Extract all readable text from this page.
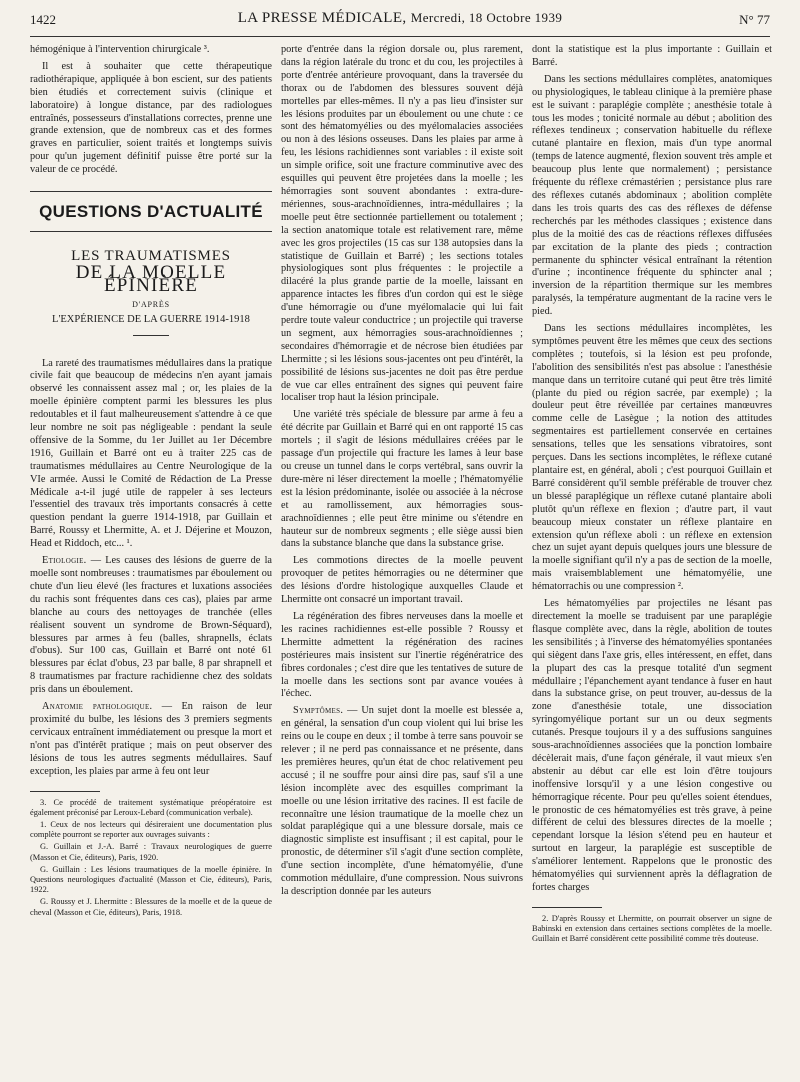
1422	LA PRESSE MÉDICALE, Mercredi, 18 Octobre 1939	N° 77

hémogénique à l'intervention chirurgicale ³.

Il est à souhaiter que cette thérapeutique radiothérapique, appliquée à bon escient, sur des patients bien étudiés et correctement suivis (clinique et laboratoire) à longue distance, par des radiologues entraînés, possesseurs d'installations correctes, prenne une grande extension, que de nombreux cas et des formes graves en particulier, soient traités et longtemps suivis pour qu'un jugement définitif puisse être porté sur la valeur de ce procédé.

QUESTIONS D'ACTUALITÉ
LES TRAUMATISMES
DE LA MOELLE ÉPINIÈRE
D'APRÈS
L'EXPÉRIENCE DE LA GUERRE 1914-1918

La rareté des traumatismes médullaires dans la pratique civile fait que beaucoup de médecins n'en ayant jamais observé les connaissent assez mal ; or, les plaies de la moelle épinière comptent parmi les blessures les plus redoutables et il faut malheureusement s'attendre à ce que leur nombre ne soit pas négligeable : pendant la seule offensive de la Somme, du 1er Juillet au 1er Décembre 1916, Guillain et Barré ont eu à traiter 225 cas de traumatismes médullaires au Centre Neurologique de la VIe armée. Aussi le Comité de Rédaction de La Presse Médicale a-t-il jugé utile de rappeler à ses lecteurs l'essentiel des travaux très importants consacrés à cette question pendant la guerre 1914-1918, par Guillain et Barré, Roussy et Lhermitte, A. et J. Déjerine et Mouzon, Head et Riddoch, etc... ¹.

Etiologie. — Les causes des lésions de guerre de la moelle sont nombreuses : traumatismes par éboulement ou chute d'un lieu élevé (les fractures et luxations associées du rachis sont fréquentes dans ces cas), plaies par arme blanche au cours des nettoyages de tranchée (elles réalisent souvent un syndrome de Brown-Séquard), blessures par armes à feu (balles, shrapnells, éclats d'obus). Sur 100 cas, Guillain et Barré ont noté 61 blessures par éclat d'obus, 23 par balle, 8 par shrapnell et 8 traumatismes par fracture rachidienne chez des soldats pris dans un éboulement.

Anatomie pathologique. — En raison de leur proximité du bulbe, les lésions des 3 premiers segments cervicaux entraînent immédiatement ou presque la mort et n'ont pas d'intérêt pratique ; mais on peut observer des lésions de tous les autres segments médullaires. Sauf exception, les plaies par arme à feu ont leur

3. Ce procédé de traitement systématique préopératoire est également préconisé par Leroux-Lebard (communication verbale).

1. Ceux de nos lecteurs qui désireraient une documentation plus complète pourront se reporter aux ouvrages suivants :

G. Guillain et J.-A. Barré : Travaux neurologiques de guerre (Masson et Cie, éditeurs), Paris, 1920.

G. Guillain : Les lésions traumatiques de la moelle épinière. In Questions neurologiques d'actualité (Masson et Cie, éditeurs), Paris, 1922.

G. Roussy et J. Lhermitte : Blessures de la moelle et de la queue de cheval (Masson et Cie, éditeurs), Paris, 1918.

porte d'entrée dans la région dorsale ou, plus rarement, dans la région latérale du tronc et du cou, les projectiles à porte d'entrée antérieure provoquant, dans la traversée du thorax ou de l'abdomen des blessures souvent déjà mortelles par elles-mêmes. Il n'y a pas lieu d'insister sur les lésions produites par un éboulement ou une chute : ce sont des hématomyélies ou des myélomalacies associées ou non à des lésions osseuses. Dans les plaies par arme à feu, les lésions rachidiennes sont variables : il existe soit un simple orifice, soit une fracture comminutive avec des esquilles qui peuvent être projetées dans la moelle ; les hémorragies sont souvent abondantes : extra-dure-mériennes, sous-arachnoïdiennes, intra-médullaires ; la moelle peut être sectionnée partiellement ou totalement ; la section anatomique totale est relativement rare, même avec les gros projectiles (15 cas sur 138 autopsies dans la statistique de Guillain et Barré) ; les sections totales physiologiques sont plus fréquentes : le projectile a dilacéré la plus grande partie de la moelle, laissant en apparence intactes les fibres d'un cordon qui est le siège d'une hémorragie ou d'une myélomalacie qui lui fait perdre toute valeur conductrice ; un projectile qui traverse un segment, aux hémorragies sous-arachnoïdiennes ; secondaires d'hémorragie et de nécrose bien étudiées par Lhermitte ; si les lésions sous-jacentes ont peu d'intérêt, la possibilité de lésions sus-jacentes ne doit pas être perdue de vue car elles entraînent des signes qui peuvent faire localiser trop haut la lésion principale.

Une variété très spéciale de blessure par arme à feu a été décrite par Guillain et Barré qui en ont rapporté 15 cas mortels ; il s'agit de lésions médullaires créées par le passage d'un projectile qui fracture les lames à leur base ou creuse un tunnel dans le corps vertébral, sans ouvrir la dure-mère ni léser directement la moelle ; l'hématomyélie est la lésion prédominante, isolée ou associée à la nécrose et au ramollissement, aux hémorragies sous-arachnoïdiennes ; elle peut être minime ou s'étendre en hauteur sur de nombreux segments ; elle siège aussi bien dans la substance blanche que dans la substance grise.

Les commotions directes de la moelle peuvent provoquer de petites hémorragies ou ne déterminer que des lésions d'ordre histologique auxquelles Claude et Lhermitte ont consacré un important travail.

La régénération des fibres nerveuses dans la moelle et les racines rachidiennes est-elle possible ? Roussy et Lhermitte admettent la régénération des racines postérieures mais insistent sur l'inertie régénératrice des fibres cordonales ; c'est dire que les tentatives de suture de la moelle dans les sections sont par avance vouées à l'échec.

Symptômes. — Un sujet dont la moelle est blessée a, en général, la sensation d'un coup violent qui lui brise les reins ou le coupe en deux ; il tombe à terre sans pouvoir se relever ; il ne perd pas connaissance et ne présente, dans les premières heures, qu'un état de choc relativement peu accusé ; il ne souffre pour ainsi dire pas, sauf s'il a une lésion incomplète avec des esquilles comprimant la moelle ou une lésion irritative des racines. Il est facile de reconnaître une lésion traumatique de la moelle chez un soldat paraplégique qui a une blessure dorsale, mais ce diagnostic simpliste est insuffisant ; il est capital, pour le pronostic, de déterminer s'il s'agit d'une section complète, d'une section incomplète, d'une hématomyélie, d'une commotion médullaire, d'une compression. Nous suivrons la description donnée par les auteurs

dont la statistique est la plus importante : Guillain et Barré.

Dans les sections médullaires complètes, anatomiques ou physiologiques, le tableau clinique à la première phase est le suivant : paraplégie complète ; anesthésie totale à tous les modes ; tonicité normale au début ; abolition des réflexes tendineux ; conservation habituelle du réflexe cutané plantaire en flexion, mais d'un type anormal (temps de latence augmenté, flexion souvent très ample et beaucoup plus lente que normalement) ; persistance fréquente du réflexe crémastérien ; persistance plus rare des réflexes cutanés abdominaux ; abolition complète dans les trois quarts des cas des réflexes de défense recherchés par les méthodes classiques ; existence dans plus de la moitié des cas de réactions réflexes diffusées par excitation de la plante des pieds ; contraction permanente du sphincter vésical entraînant la rétention d'urine ; incontinence fréquente du sphincter anal ; inversion de la répartition thermique sur les membres paralysés, la température augmentant de la racine vers le pied.

Dans les sections médullaires incomplètes, les symptômes peuvent être les mêmes que ceux des sections complètes ; toutefois, si la lésion est peu profonde, l'abolition des sensibilités n'est pas absolue : l'anesthésie manque dans un territoire cutané qui peut être très limité (plante du pied ou région sacrée, par exemple) ; la douleur peut être réveillée par certaines manœuvres comme celle de Lasègue ; la notion des attitudes segmentaires est partiellement conservée en certaines sensations, telles que les sensations vibratoires, sont perçues. Dans les sections incomplètes, le réflexe cutané plantaire est, en général, aboli ; c'est pourquoi Guillain et Barré considèrent qu'il semble préférable de trouver chez un blessé paraplégique un réflexe cutané plantaire aboli plutôt qu'un réflexe en flexion ; d'autre part, il vaut beaucoup mieux constater un réflexe plantaire en extension qu'un réflexe aboli : un réflexe en extension chez un sujet ayant depuis quelques jours une blessure de la moelle signifiant qu'il n'y a pas de section de la moelle, mais vraisemblablement une hématomyélie, une hématorrachis ou une compression ².

Les hématomyélies par projectiles ne lésant pas directement la moelle se traduisent par une paraplégie flasque complète avec, dans la règle, abolition de toutes les sensibilités ; à l'inverse des hématomyélies spontanées qui siègent dans l'axe gris, elles intéressent, en effet, dans la plupart des cas la presque totalité d'un segment médullaire ; l'épanchement ayant tendance à fuser en haut dans la substance grise, on peut trouver, au-dessus de la zone d'anesthésie totale, une dissociation syringomyélique portant sur un ou deux segments cutanés. Presque toujours il y a des suffusions sanguines sous-arachnoïdiennes associées que la ponction lombaire décèlerait mais, d'une façon générale, il vaut mieux s'en abstenir au début car elle est loin d'être toujours inoffensive lorsqu'il y a une lésion congestive ou hémorragique récente. Pour peu qu'elles soient étendues, le pronostic de ces hématomyélies est très grave, à peine différent de celui des blessures directes de la moelle ; cependant lorsque la lésion s'étend peu en hauteur et surtout en largeur, la paraplégie est susceptible de s'améliorer lentement. Rappelons que le pronostic des hématomyélies qui surviennent après la déflagration de fortes charges

2. D'après Roussy et Lhermitte, on pourrait observer un signe de Babinski en extension dans certaines sections complètes de la moelle. Guillain et Barré considèrent cette possibilité comme très douteuse.
